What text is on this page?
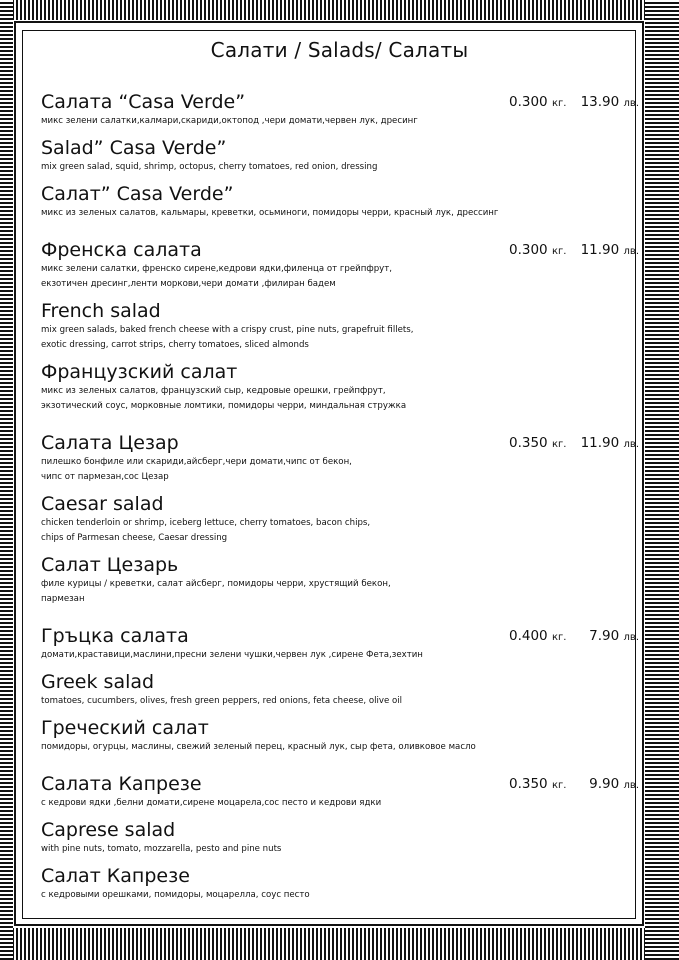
Салати / Salads/ Салаты
0.300 кг. 13.90 лв.
Салата “Casa Verde”
микс зелени салатки,калмари,скариди,октопод ,чери домати,червен лук, дресинг
Salad” Casa Verde”
mix green salad, squid, shrimp, octopus, cherry tomatoes, red onion, dressing
Салат” Casa Verde”
микс из зеленых салатов, кальмары, креветки, осьминоги, помидоры черри, красный лук, дрессинг
0.300 кг. 11.90 лв.
Френска салата
микс зелени салатки, френско сирене,кедрови ядки,филенца от грейпфрут,
екзотичен дресинг,ленти моркови,чери домати ,филиран бадем
French salad
mix green salads, baked french cheese with a crispy crust, pine nuts, grapefruit fillets,
exotic dressing, carrot strips, cherry tomatoes, sliced almonds
Французский салат
микс из зеленых салатов, французский сыр, кедровые орешки, грейпфрут,
экзотический соус, морковные ломтики, помидоры черри, миндальная стружка
0.350 кг. 11.90 лв.
Салата Цезар
пилешко бонфиле или скариди,айсберг,чери домати,чипс от бекон,
чипс от пармезан,сос Цезар
Caesar salad
chicken tenderloin or shrimp, iceberg lettuce, cherry tomatoes, bacon chips,
chips of Parmesan cheese, Caesar dressing
Салат Цезарь
филе курицы / креветки, салат айсберг, помидоры черри, хрустящий бекон,
пармезан
0.400 кг. 7.90 лв.
Гръцка салата
домати,краставици,маслини,пресни зелени чушки,червен лук ,сирене Фета,зехтин
Greek salad
tomatoes, cucumbers, olives, fresh green peppers, red onions, feta cheese, olive oil
Греческий салат
помидоры, огурцы, маслины, свежий зеленый перец, красный лук, сыр фета, оливковое масло
0.350 кг. 9.90 лв.
Салата Капрезе
с кедрови ядки ,белни домати,сирене моцарела,сос песто и кедрови ядки
Caprese salad
with pine nuts, tomato, mozzarella, pesto and pine nuts
Салат Капрезе
с кедровыми орешками, помидоры, моцарелла, соус песто
